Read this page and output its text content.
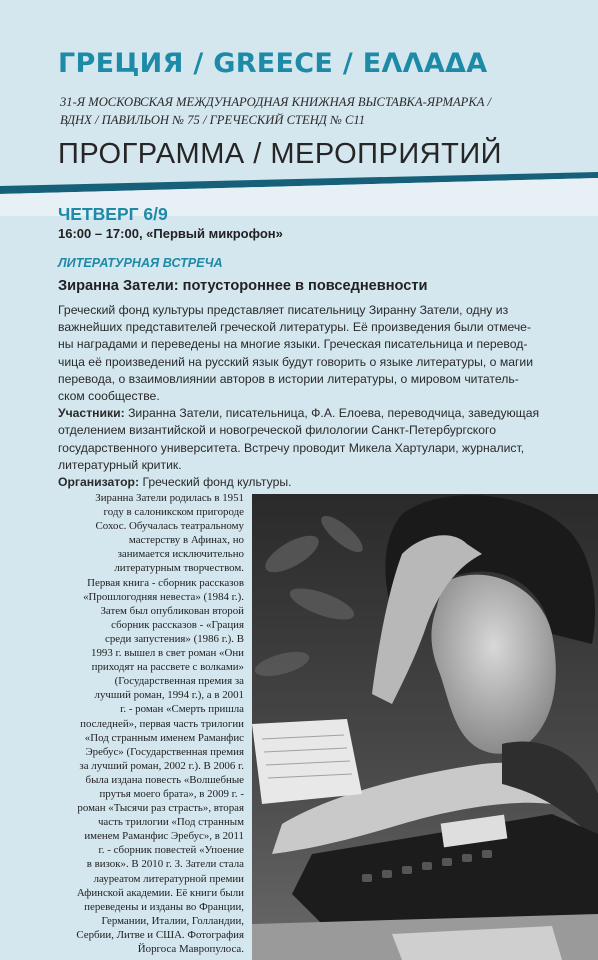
ГРЕЦИЯ / GREECE / ΕΛΛΑΔΑ
31-Я МОСКОВСКАЯ МЕЖДУНАРОДНАЯ КНИЖНАЯ ВЫСТАВКА-ЯРМАРКА /
ВДНХ / ПАВИЛЬОН № 75 / ГРЕЧЕСКИЙ СТЕНД № С11
ПРОГРАММА / МЕРОПРИЯТИЙ
ЧЕТВЕРГ 6/9
16:00 – 17:00, «Первый микрофон»
ЛИТЕРАТУРНАЯ ВСТРЕЧА
Зиранна Затели: потустороннее в повседневности
Греческий фонд культуры представляет писательницу Зиранну Затели, одну из
важнейших представителей греческой литературы. Её произведения были отмече-
ны наградами и переведены на многие языки. Греческая писательница и перевод-
чица её произведений на русский язык будут говорить о языке литературы, о магии
перевода, о взаимовлиянии авторов в истории литературы, о мировом читатель-
ском сообществе.
Участники: Зиранна Затели, писательница, Ф.А. Елоева, переводчица, заведующая
отделением византийской и новогреческой филологии Санкт-Петербургского
государственного университета. Встречу проводит Микела Хартулари, журналист,
литературный критик.
Организатор: Греческий фонд культуры.
Зиранна Затели родилась в 1951
году в салоникском пригороде
Сохос. Обучалась театральному
мастерству в Афинах, но
занимается исключительно
литературным творчеством.
Первая книга - сборник рассказов
«Прошлогодняя невеста» (1984 г.).
Затем был опубликован второй
сборник рассказов - «Грация
среди запустения» (1986 г.). В
1993 г. вышел в свет роман «Они
приходят на рассвете с волками»
(Государственная премия за
лучший роман, 1994 г.), а в 2001
г. - роман «Смерть пришла
последней», первая часть трилогии
«Под странным именем Раманфис
Эребус» (Государственная премия
за лучший роман, 2002 г.). В 2006 г.
была издана повесть «Волшебные
прутья моего брата», в 2009 г. -
роман «Тысячи раз страсть», вторая
часть трилогии «Под странным
именем Раманфис Эребус», в 2011
г. - сборник повестей «Упоение
в визок». В 2010 г. З. Затели стала
лауреатом литературной премии
Афинской академии. Её книги были
переведены и изданы во Франции,
Германии, Италии, Голландии,
Сербии, Литве и США. Фотография
Йоргоса Мавропулоса.
